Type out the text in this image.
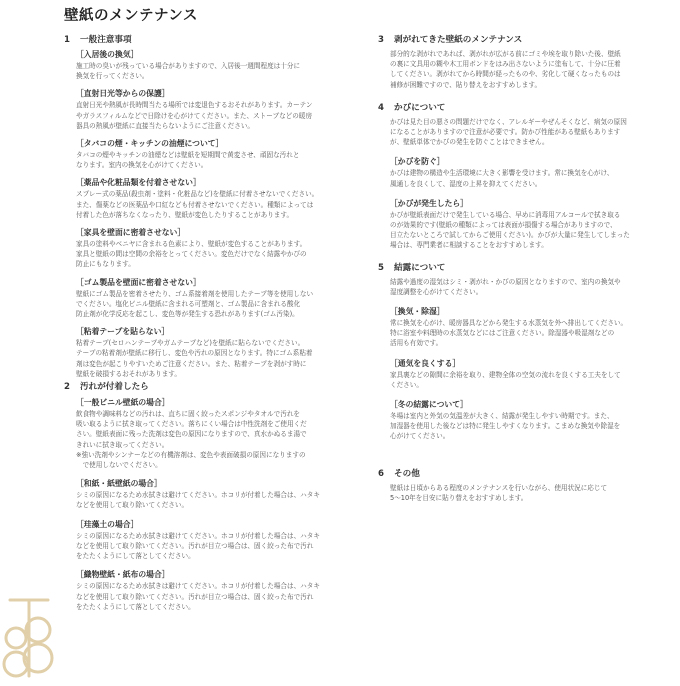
壁紙のメンテナンス
1 一般注意事項
［入居後の換気］
施工時の臭いが残っている場合がありますので、入居後一週間程度は十分に
換気を行ってください。
［直射日光等からの保護］
直射日光や熱風が長時間当たる場所では変退色するおそれがあります。カーテン
やガラスフィルムなどで日除けを心がけてください。また、ストーブなどの暖房
器具の熱風が壁紙に直接当たらないようにご注意ください。
［タバコの煙・キッチンの油煙について］
タバコの煙やキッチンの油煙などは壁紙を短期間で黄変させ、頑固な汚れと
なります。室内の換気を心がけてください。
［薬品や化粧品類を付着させない］
スプレー式の薬品(殺虫剤・塗料・化粧品など)を壁紙に付着させないでください。
また、傷薬などの医薬品や口紅なども付着させないでください。種類によっては
付着した色が落ちなくなったり、壁紙が変色したりすることがあります。
［家具を壁面に密着させない］
家具の塗料やベニヤに含まれる色素により、壁紙が変色することがあります。
家具と壁紙の間は空間の余裕をとってください。変色だけでなく結露やかびの
防止にもなります。
［ゴム製品を壁面に密着させない］
壁紙にゴム製品を密着させたり、ゴム系接着剤を使用したテープ等を使用しない
でください。塩化ビニル壁紙に含まれる可塑剤と、ゴム製品に含まれる酸化
防止剤が化学反応を起こし、変色等が発生する恐れがあります(ゴム汚染)。
［粘着テープを貼らない］
粘着テープ(セロハンテープやガムテープなど)を壁紙に貼らないでください。
テープの粘着剤が壁紙に移行し、変色や汚れの原因となります。特にゴム系粘着
剤は変色が起こりやすいためご注意ください。また、粘着テープを剥がす時に
壁紙を破損するおそれがあります。
2 汚れが付着したら
［一般ビニル壁紙の場合］
飲食物や調味料などの汚れは、直ちに固く絞ったスポンジやタオルで汚れを
吸い取るように拭き取ってください。落ちにくい場合は中性洗剤をご使用くだ
さい。壁紙表面に残った洗剤は変色の原因になりますので、真水かぬるま湯で
きれいに拭き取ってください。
※強い洗剤やシンナーなどの有機溶剤は、変色や表面破損の原因になりますの
　で使用しないでください。
［和紙・紙壁紙の場合］
シミの原因になるため水拭きは避けてください。ホコリが付着した場合は、ハタキ
などを使用して取り除いてください。
［珪藻土の場合］
シミの原因になるため水拭きは避けてください。ホコリが付着した場合は、ハタキ
などを使用して取り除いてください。汚れが目立つ場合は、固く絞った布で汚れ
をたたくようにして落としてください。
［織物壁紙・紙布の場合］
シミの原因になるため水拭きは避けてください。ホコリが付着した場合は、ハタキ
などを使用して取り除いてください。汚れが目立つ場合は、固く絞った布で汚れ
をたたくようにして落としてください。
3 剥がれてきた壁紙のメンテナンス
部分的な剥がれであれば、剥がれが広がる前にゴミや埃を取り除いた後、壁紙
の裏に文具用の糊や木工用ボンドをはみ出さないように塗布して、十分に圧着
してください。剥がれてから時間が経ったものや、劣化して硬くなったものは
補修が困難ですので、貼り替えをおすすめします。
4 かびについて
かびは見た目の悪さの問題だけでなく、アレルギーやぜんそくなど、病気の原因
になることがありますので注意が必要です。防かび性能がある壁紙もあります
が、壁紙単体でかびの発生を防ぐことはできません。
［かびを防ぐ］
かびは建物の構造や生活環境に大きく影響を受けます。常に換気を心がけ、
風通しを良くして、湿度の上昇を抑えてください。
［かびが発生したら］
かびが壁紙表面だけで発生している場合、早めに消毒用アルコールで拭き取る
のが効果的です(壁紙の種類によっては表面が損傷する場合がありますので、
目立たないところで試してからご使用ください)。かびが大量に発生してしまった
場合は、専門業者に相談することをおすすめします。
5 結露について
結露や過度の湿気はシミ・剥がれ・かびの原因となりますので、室内の換気や
湿度調整を心がけてください。
［換気・除湿］
常に換気を心がけ、暖房器具などから発生する水蒸気を外へ排出してください。
特に浴室や料理時の水蒸気などにはご注意ください。除湿器や吸湿剤などの
活用も有効です。
［通気を良くする］
家具裏などの隙間に余裕を取り、建物全体の空気の流れを良くする工夫をして
ください。
［冬の結露について］
冬場は室内と外気の気温差が大きく、結露が発生しやすい時期です。また、
加湿器を使用した後などは特に発生しやすくなります。こまめな換気や除湿を
心がけてください。
6 その他
壁紙は日頃からある程度のメンテナンスを行いながら、使用状況に応じて
5〜10年を目安に貼り替えをおすすめします。
